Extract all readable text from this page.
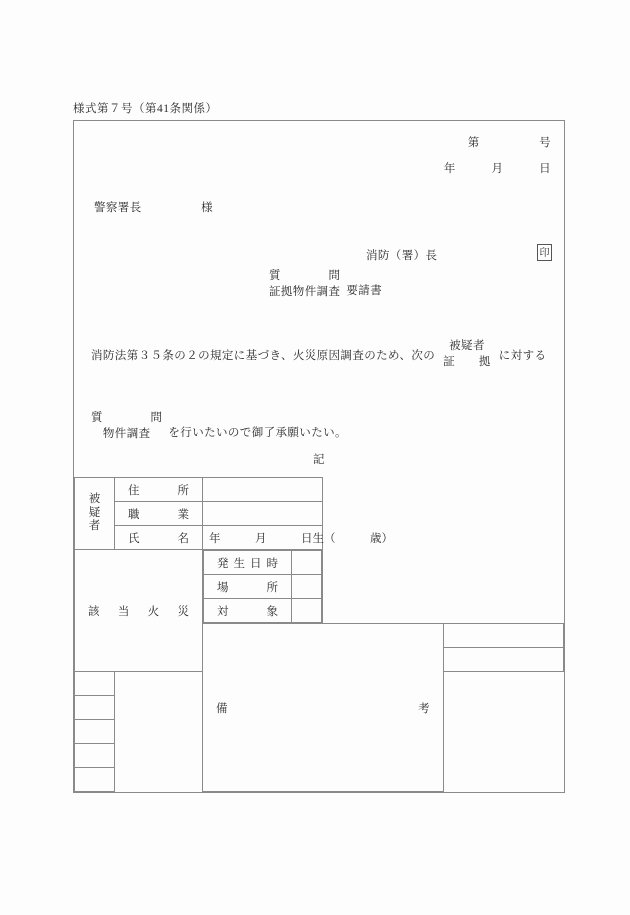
様式第７号（第41条関係）
第　　　　　号
年　　　月　　　日
警察署長　　　　　様
消防（署）長	印
質　　　　問
証拠物件調査 要請書
消防法第３５条の２の規定に基づき、火災原因調査のため、次の
被疑者
証　　拠 に対する
質　　　　問
物件調査	を行いたいので御了承願いたい。
記
被
疑
者

住	所

職	業

氏	名	年　　　月　　　日生（　　　歳）

該 当 火 災

発 生 日 時

場	所

対	象

備	考
